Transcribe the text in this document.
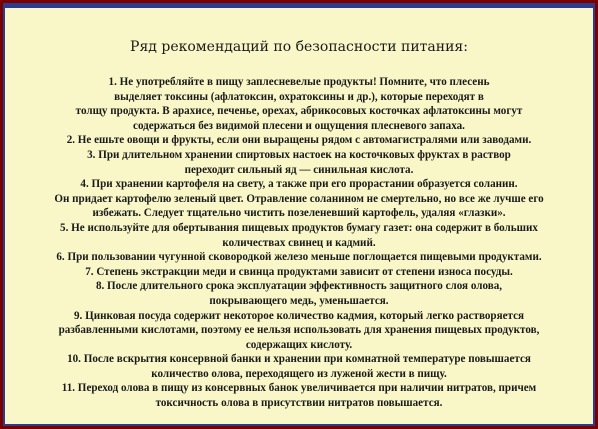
Ряд рекомендаций по безопасности питания:
1. Не употребляйте в пищу заплесневелые продукты! Помните, что плесень
выделяет токсины (афлатоксин, охратоксины и др.), которые переходят в
толщу продукта. В арахисе, печенье, орехах, абрикосовых косточках афлатоксины могут
содержаться без видимой плесени и ощущения плесневого запаха.
2. Не ешьте овощи и фрукты, если они выращены рядом с автомагистралями или заводами.
3. При длительном хранении спиртовых настоек на косточковых фруктах в раствор
переходит сильный яд — синильная кислота.
4. При хранении картофеля на свету, а также при его прорастании образуется соланин.
Он придает картофелю зеленый цвет. Отравление соланином не смертельно, но все же лучше его
избежать. Следует тщательно чистить позеленевший картофель, удаляя «глазки».
5. Не используйте для обертывания пищевых продуктов бумагу газет: она содержит в больших
количествах свинец и кадмий.
6. При пользовании чугунной сковородкой железо меньше поглощается пищевыми продуктами.
7. Степень экстракции меди и свинца продуктами зависит от степени износа посуды.
8. После длительного срока эксплуатации эффективность защитного слоя олова,
покрывающего медь, уменьшается.
9. Цинковая посуда содержит некоторое количество кадмия, который легко растворяется
разбавленными кислотами, поэтому ее нельзя использовать для хранения пищевых продуктов,
содержащих кислоту.
10. После вскрытия консервной банки и хранении при комнатной температуре повышается
количество олова, переходящего из луженой жести в пищу.
11. Переход олова в пищу из консервных банок увеличивается при наличии нитратов, причем
токсичность олова в присутствии нитратов повышается.
